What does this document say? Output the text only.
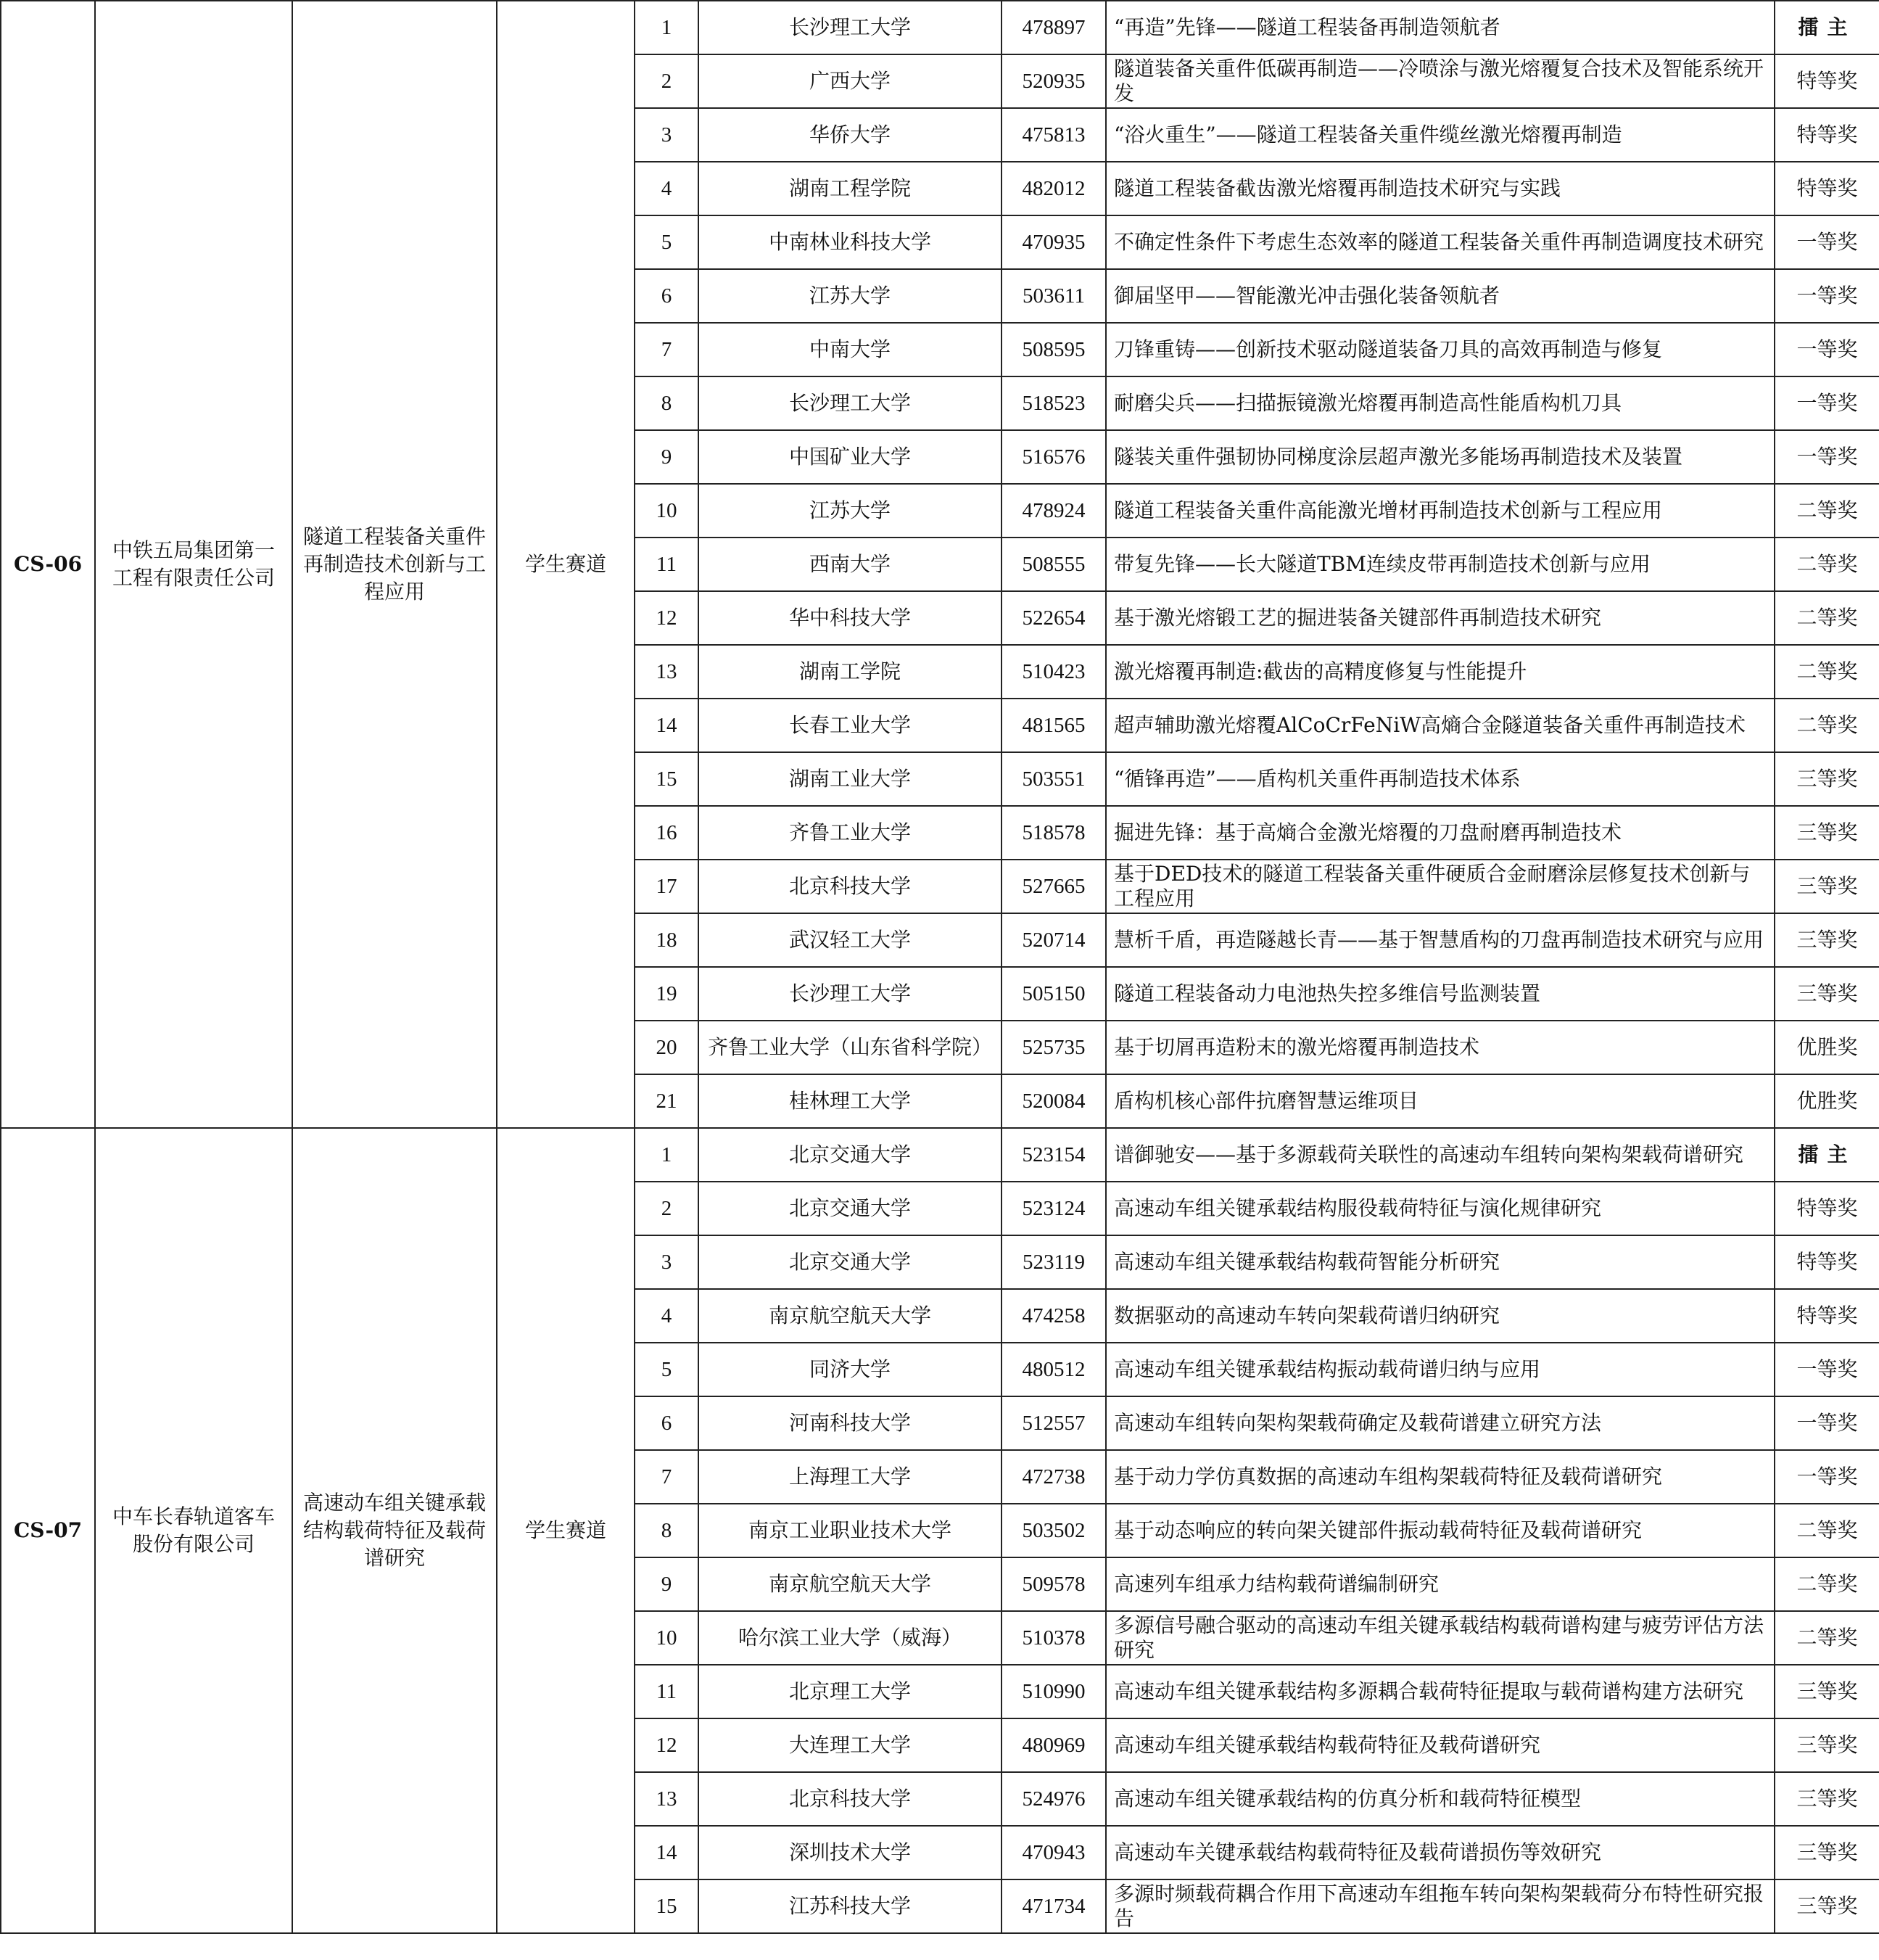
CS-06	中铁五局集团第一工程有限责任公司	隧道工程装备关重件再制造技术创新与工程应用	学生赛道	1	长沙理工大学	478897	“再造”先锋——隧道工程装备再制造领航者	擂主
				2	广西大学	520935	隧道装备关重件低碳再制造——冷喷涂与激光熔覆复合技术及智能系统开发	特等奖
				3	华侨大学	475813	“浴火重生”——隧道工程装备关重件缆丝激光熔覆再制造	特等奖
				4	湖南工程学院	482012	隧道工程装备截齿激光熔覆再制造技术研究与实践	特等奖
				5	中南林业科技大学	470935	不确定性条件下考虑生态效率的隧道工程装备关重件再制造调度技术研究	一等奖
				6	江苏大学	503611	御届坚甲——智能激光冲击强化装备领航者	一等奖
				7	中南大学	508595	刀锋重铸——创新技术驱动隧道装备刀具的高效再制造与修复	一等奖
				8	长沙理工大学	518523	耐磨尖兵——扫描振镜激光熔覆再制造高性能盾构机刀具	一等奖
				9	中国矿业大学	516576	隧装关重件强韧协同梯度涂层超声激光多能场再制造技术及装置	一等奖
				10	江苏大学	478924	隧道工程装备关重件高能激光增材再制造技术创新与工程应用	二等奖
				11	西南大学	508555	带复先锋——长大隧道TBM连续皮带再制造技术创新与应用	二等奖
				12	华中科技大学	522654	基于激光熔锻工艺的掘进装备关键部件再制造技术研究	二等奖
				13	湖南工学院	510423	激光熔覆再制造:截齿的高精度修复与性能提升	二等奖
				14	长春工业大学	481565	超声辅助激光熔覆AlCoCrFeNiW高熵合金隧道装备关重件再制造技术	二等奖
				15	湖南工业大学	503551	“循锋再造”——盾构机关重件再制造技术体系	三等奖
				16	齐鲁工业大学	518578	掘进先锋：基于高熵合金激光熔覆的刀盘耐磨再制造技术	三等奖
				17	北京科技大学	527665	基于DED技术的隧道工程装备关重件硬质合金耐磨涂层修复技术创新与工程应用	三等奖
				18	武汉轻工大学	520714	慧析千盾，再造隧越长青——基于智慧盾构的刀盘再制造技术研究与应用	三等奖
				19	长沙理工大学	505150	隧道工程装备动力电池热失控多维信号监测装置	三等奖
				20	齐鲁工业大学（山东省科学院）	525735	基于切屑再造粉末的激光熔覆再制造技术	优胜奖
				21	桂林理工大学	520084	盾构机核心部件抗磨智慧运维项目	优胜奖
CS-07	中车长春轨道客车股份有限公司	高速动车组关键承载结构载荷特征及载荷谱研究	学生赛道	1	北京交通大学	523154	谱御驰安——基于多源载荷关联性的高速动车组转向架构架载荷谱研究	擂主
				2	北京交通大学	523124	高速动车组关键承载结构服役载荷特征与演化规律研究	特等奖
				3	北京交通大学	523119	高速动车组关键承载结构载荷智能分析研究	特等奖
				4	南京航空航天大学	474258	数据驱动的高速动车转向架载荷谱归纳研究	特等奖
				5	同济大学	480512	高速动车组关键承载结构振动载荷谱归纳与应用	一等奖
				6	河南科技大学	512557	高速动车组转向架构架载荷确定及载荷谱建立研究方法	一等奖
				7	上海理工大学	472738	基于动力学仿真数据的高速动车组构架载荷特征及载荷谱研究	一等奖
				8	南京工业职业技术大学	503502	基于动态响应的转向架关键部件振动载荷特征及载荷谱研究	二等奖
				9	南京航空航天大学	509578	高速列车组承力结构载荷谱编制研究	二等奖
				10	哈尔滨工业大学（威海）	510378	多源信号融合驱动的高速动车组关键承载结构载荷谱构建与疲劳评估方法研究	二等奖
				11	北京理工大学	510990	高速动车组关键承载结构多源耦合载荷特征提取与载荷谱构建方法研究	三等奖
				12	大连理工大学	480969	高速动车组关键承载结构载荷特征及载荷谱研究	三等奖
				13	北京科技大学	524976	高速动车组关键承载结构的仿真分析和载荷特征模型	三等奖
				14	深圳技术大学	470943	高速动车关键承载结构载荷特征及载荷谱损伤等效研究	三等奖
				15	江苏科技大学	471734	多源时频载荷耦合作用下高速动车组拖车转向架构架载荷分布特性研究报告	三等奖
